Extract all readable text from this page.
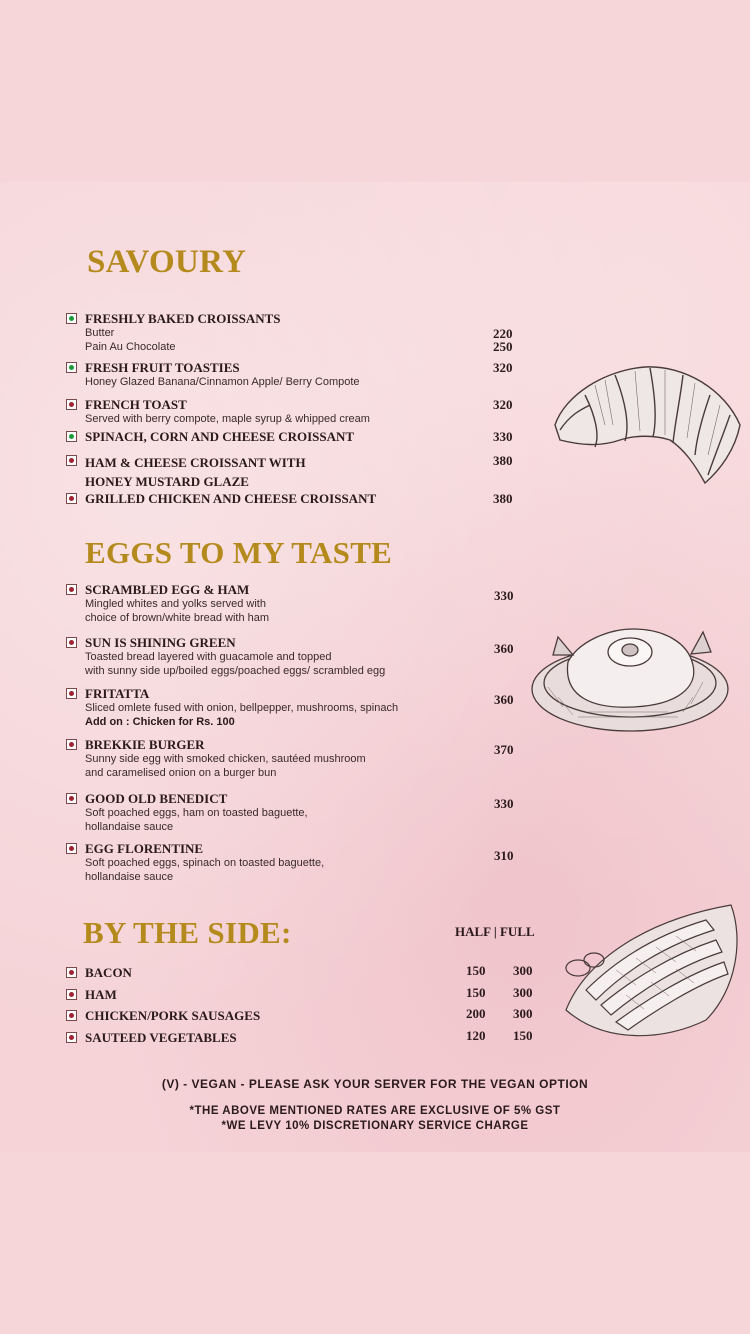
SAVOURY
FRESHLY BAKED CROISSANTS
Butter
Pain Au Chocolate
220
250
FRESH FRUIT TOASTIES
Honey Glazed Banana/Cinnamon Apple/ Berry Compote
320
FRENCH TOAST
Served with berry compote, maple syrup & whipped cream
320
SPINACH, CORN AND CHEESE CROISSANT	330
HAM & CHEESE CROISSANT WITH
HONEY MUSTARD GLAZE
380
GRILLED CHICKEN AND CHEESE CROISSANT	380
EGGS TO MY TASTE
SCRAMBLED EGG & HAM
Mingled whites and yolks served with
choice of brown/white bread with ham
330
SUN IS SHINING GREEN
Toasted bread layered with guacamole and topped
with sunny side up/boiled eggs/poached eggs/ scrambled egg
360
FRITATTA
Sliced omlete fused with onion, bellpepper, mushrooms, spinach
Add on : Chicken for Rs. 100
360
BREKKIE BURGER
Sunny side egg with smoked chicken, sautéed mushroom
and caramelised onion on a burger bun
370
GOOD OLD BENEDICT
Soft poached eggs, ham on toasted baguette,
hollandaise sauce
330
EGG FLORENTINE
Soft poached eggs, spinach on toasted baguette,
hollandaise sauce
310
BY THE SIDE:	HALF | FULL
BACON	150 300
HAM	150 300
CHICKEN/PORK SAUSAGES	200 300
SAUTEED VEGETABLES	120 150
(V) - VEGAN - PLEASE ASK YOUR SERVER FOR THE VEGAN OPTION
*THE ABOVE MENTIONED RATES ARE EXCLUSIVE OF 5% GST
*WE LEVY 10% DISCRETIONARY SERVICE CHARGE
